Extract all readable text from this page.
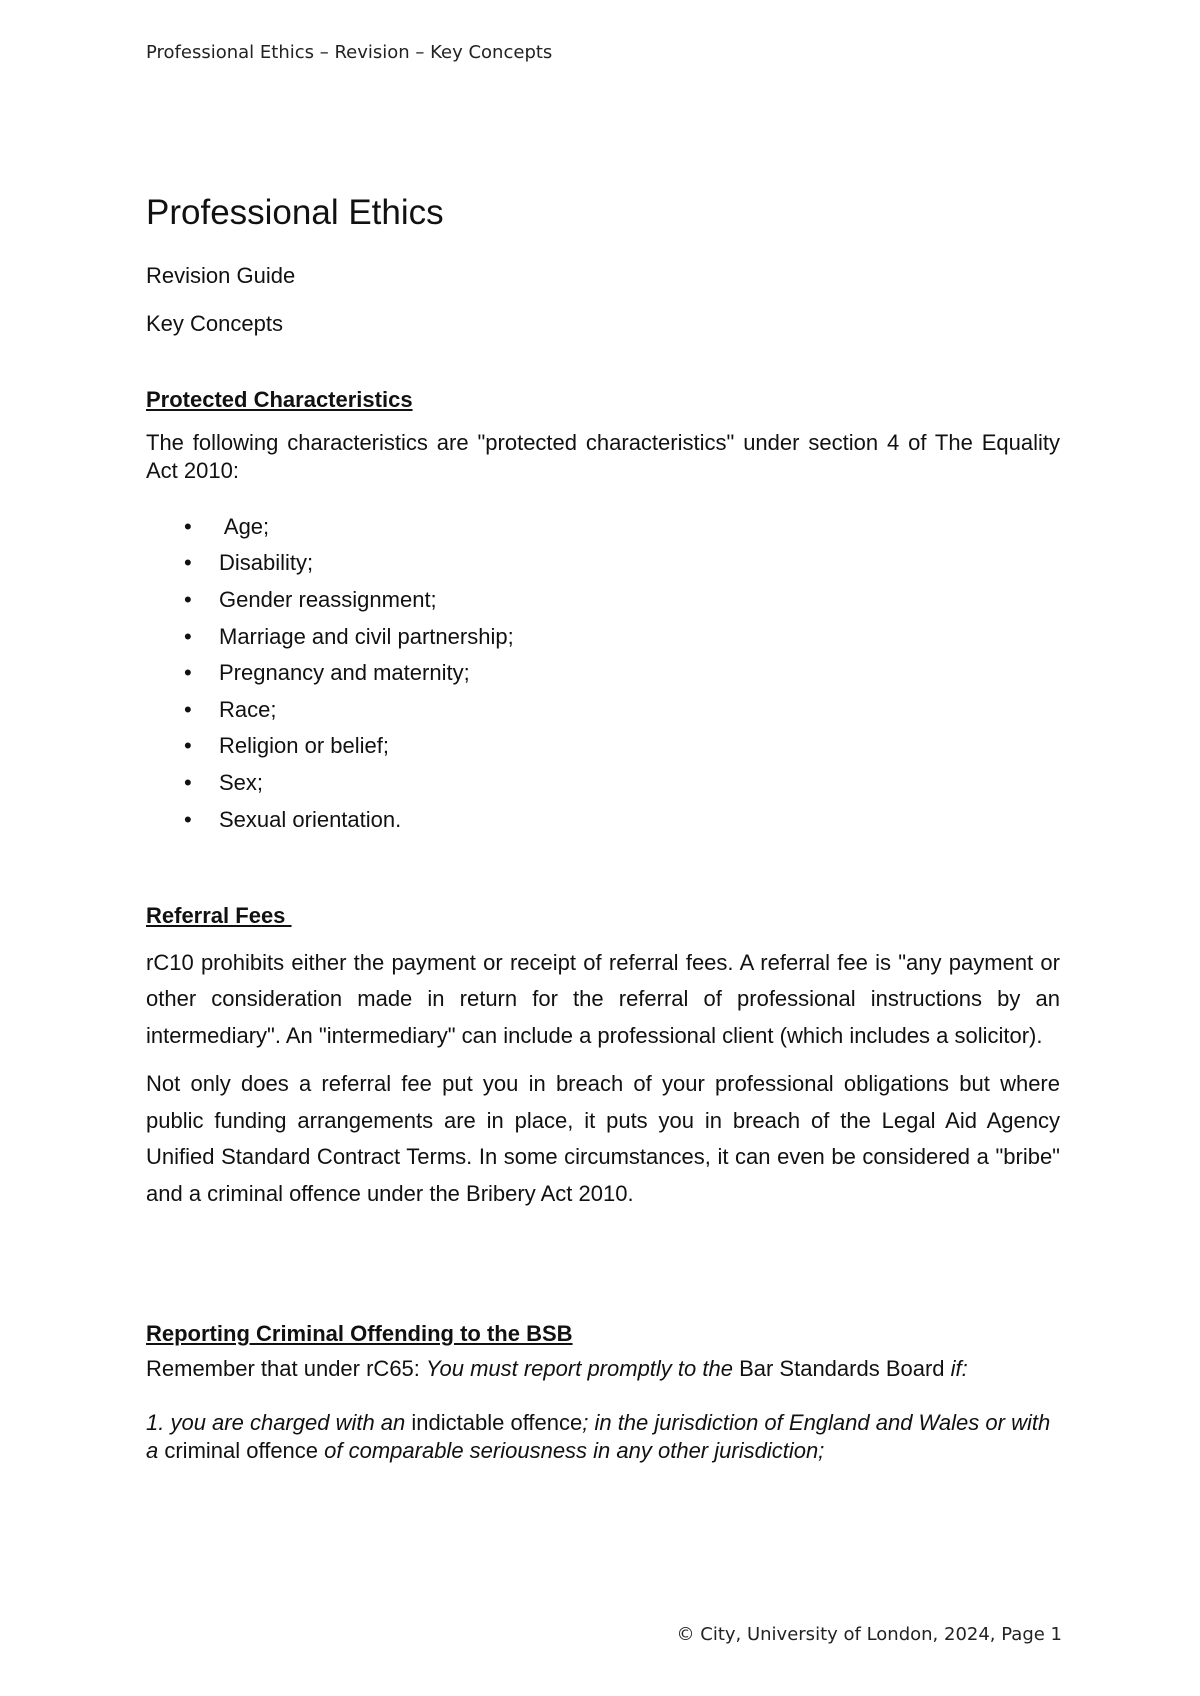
Professional Ethics – Revision – Key Concepts
Professional Ethics
Revision Guide
Key Concepts
Protected Characteristics

The following characteristics are "protected characteristics" under section 4 of The Equality Act 2010:

• Age;
• Disability;
• Gender reassignment;
• Marriage and civil partnership;
• Pregnancy and maternity;
• Race;
• Religion or belief;
• Sex;
• Sexual orientation.
Referral Fees

rC10 prohibits either the payment or receipt of referral fees. A referral fee is "any payment or other consideration made in return for the referral of professional instructions by an intermediary". An "intermediary" can include a professional client (which includes a solicitor).

Not only does a referral fee put you in breach of your professional obligations but where public funding arrangements are in place, it puts you in breach of the Legal Aid Agency Unified Standard Contract Terms. In some circumstances, it can even be considered a "bribe" and a criminal offence under the Bribery Act 2010.

Reporting Criminal Offending to the BSB

Remember that under rC65: You must report promptly to the Bar Standards Board if:

1. you are charged with an indictable offence; in the jurisdiction of England and Wales or with a criminal offence of comparable seriousness in any other jurisdiction;

© City, University of London, 2024, Page 1
